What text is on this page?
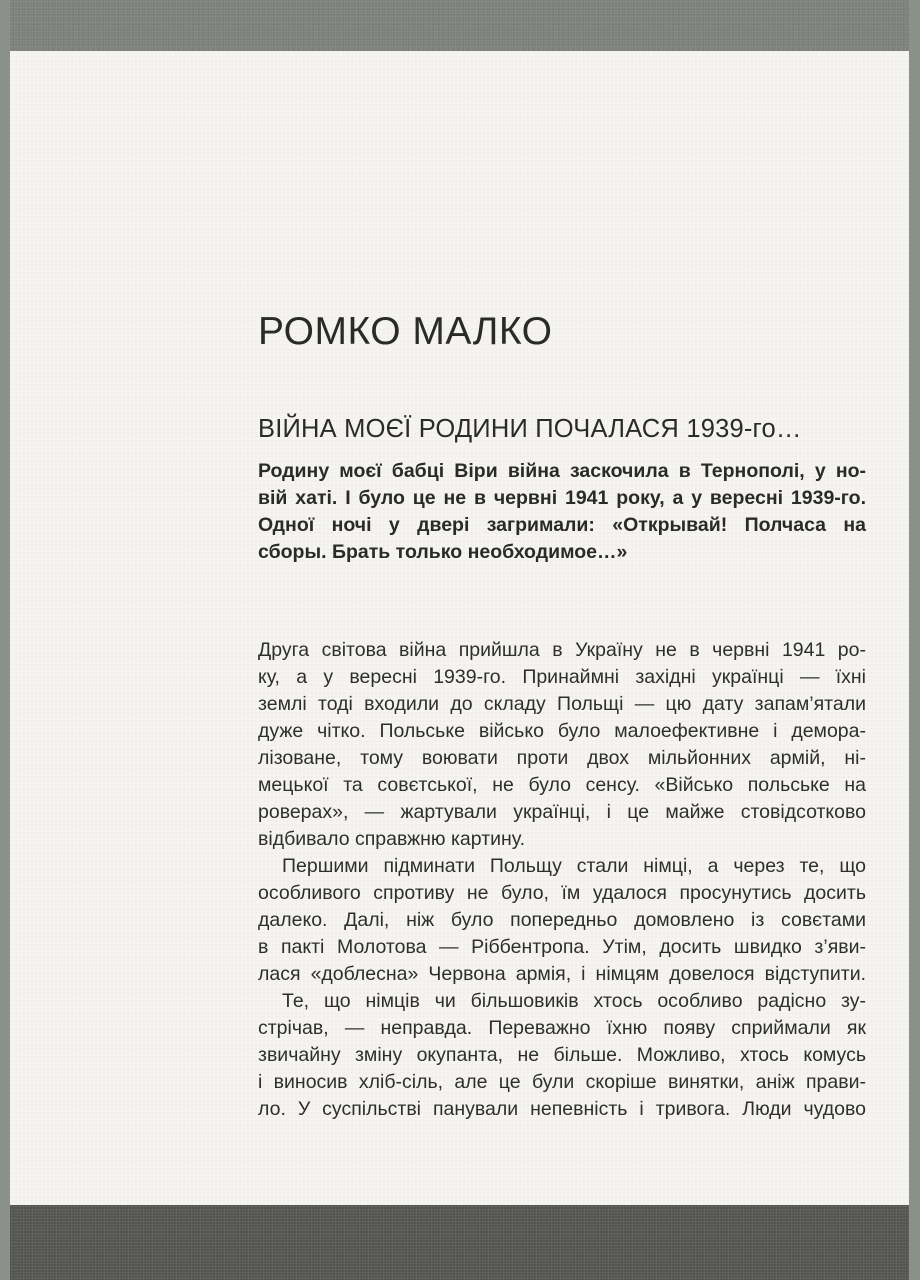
РОМКО МАЛКО
ВІЙНА МОЄЇ РОДИНИ ПОЧАЛАСЯ 1939-го…

Родину моєї бабці Віри війна заскочила в Тернополі, у но-
вій хаті. І було це не в червні 1941 року, а у вересні 1939-го.
Одної ночі у двері загримали: «Открывай! Полчаса на
сборы. Брать только необходимое…»

Друга світова війна прийшла в Україну не в червні 1941 ро-
ку, а у вересні 1939-го. Принаймні західні українці — їхні
землі тоді входили до складу Польщі — цю дату запам’ятали
дуже чітко. Польське військо було малоефективне і демора-
лізоване, тому воювати проти двох мільйонних армій, ні-
мецької та совєтської, не було сенсу. «Військо польське на
роверах», — жартували українці, і це майже стовідсотково
відбивало справжню картину.

Першими підминати Польщу стали німці, а через те, що
особливого спротиву не було, їм удалося просунутись досить
далеко. Далі, ніж було попередньо домовлено із совєтами
в пакті Молотова — Ріббентропа. Утім, досить швидко з’яви-
лася «доблесна» Червона армія, і німцям довелося відступити.

Те, що німців чи більшовиків хтось особливо радісно зу-
стрічав, — неправда. Переважно їхню появу сприймали як
звичайну зміну окупанта, не більше. Можливо, хтось комусь
і виносив хліб-сіль, але це були скоріше винятки, аніж прави-
ло. У суспільстві панували непевність і тривога. Люди чудово
